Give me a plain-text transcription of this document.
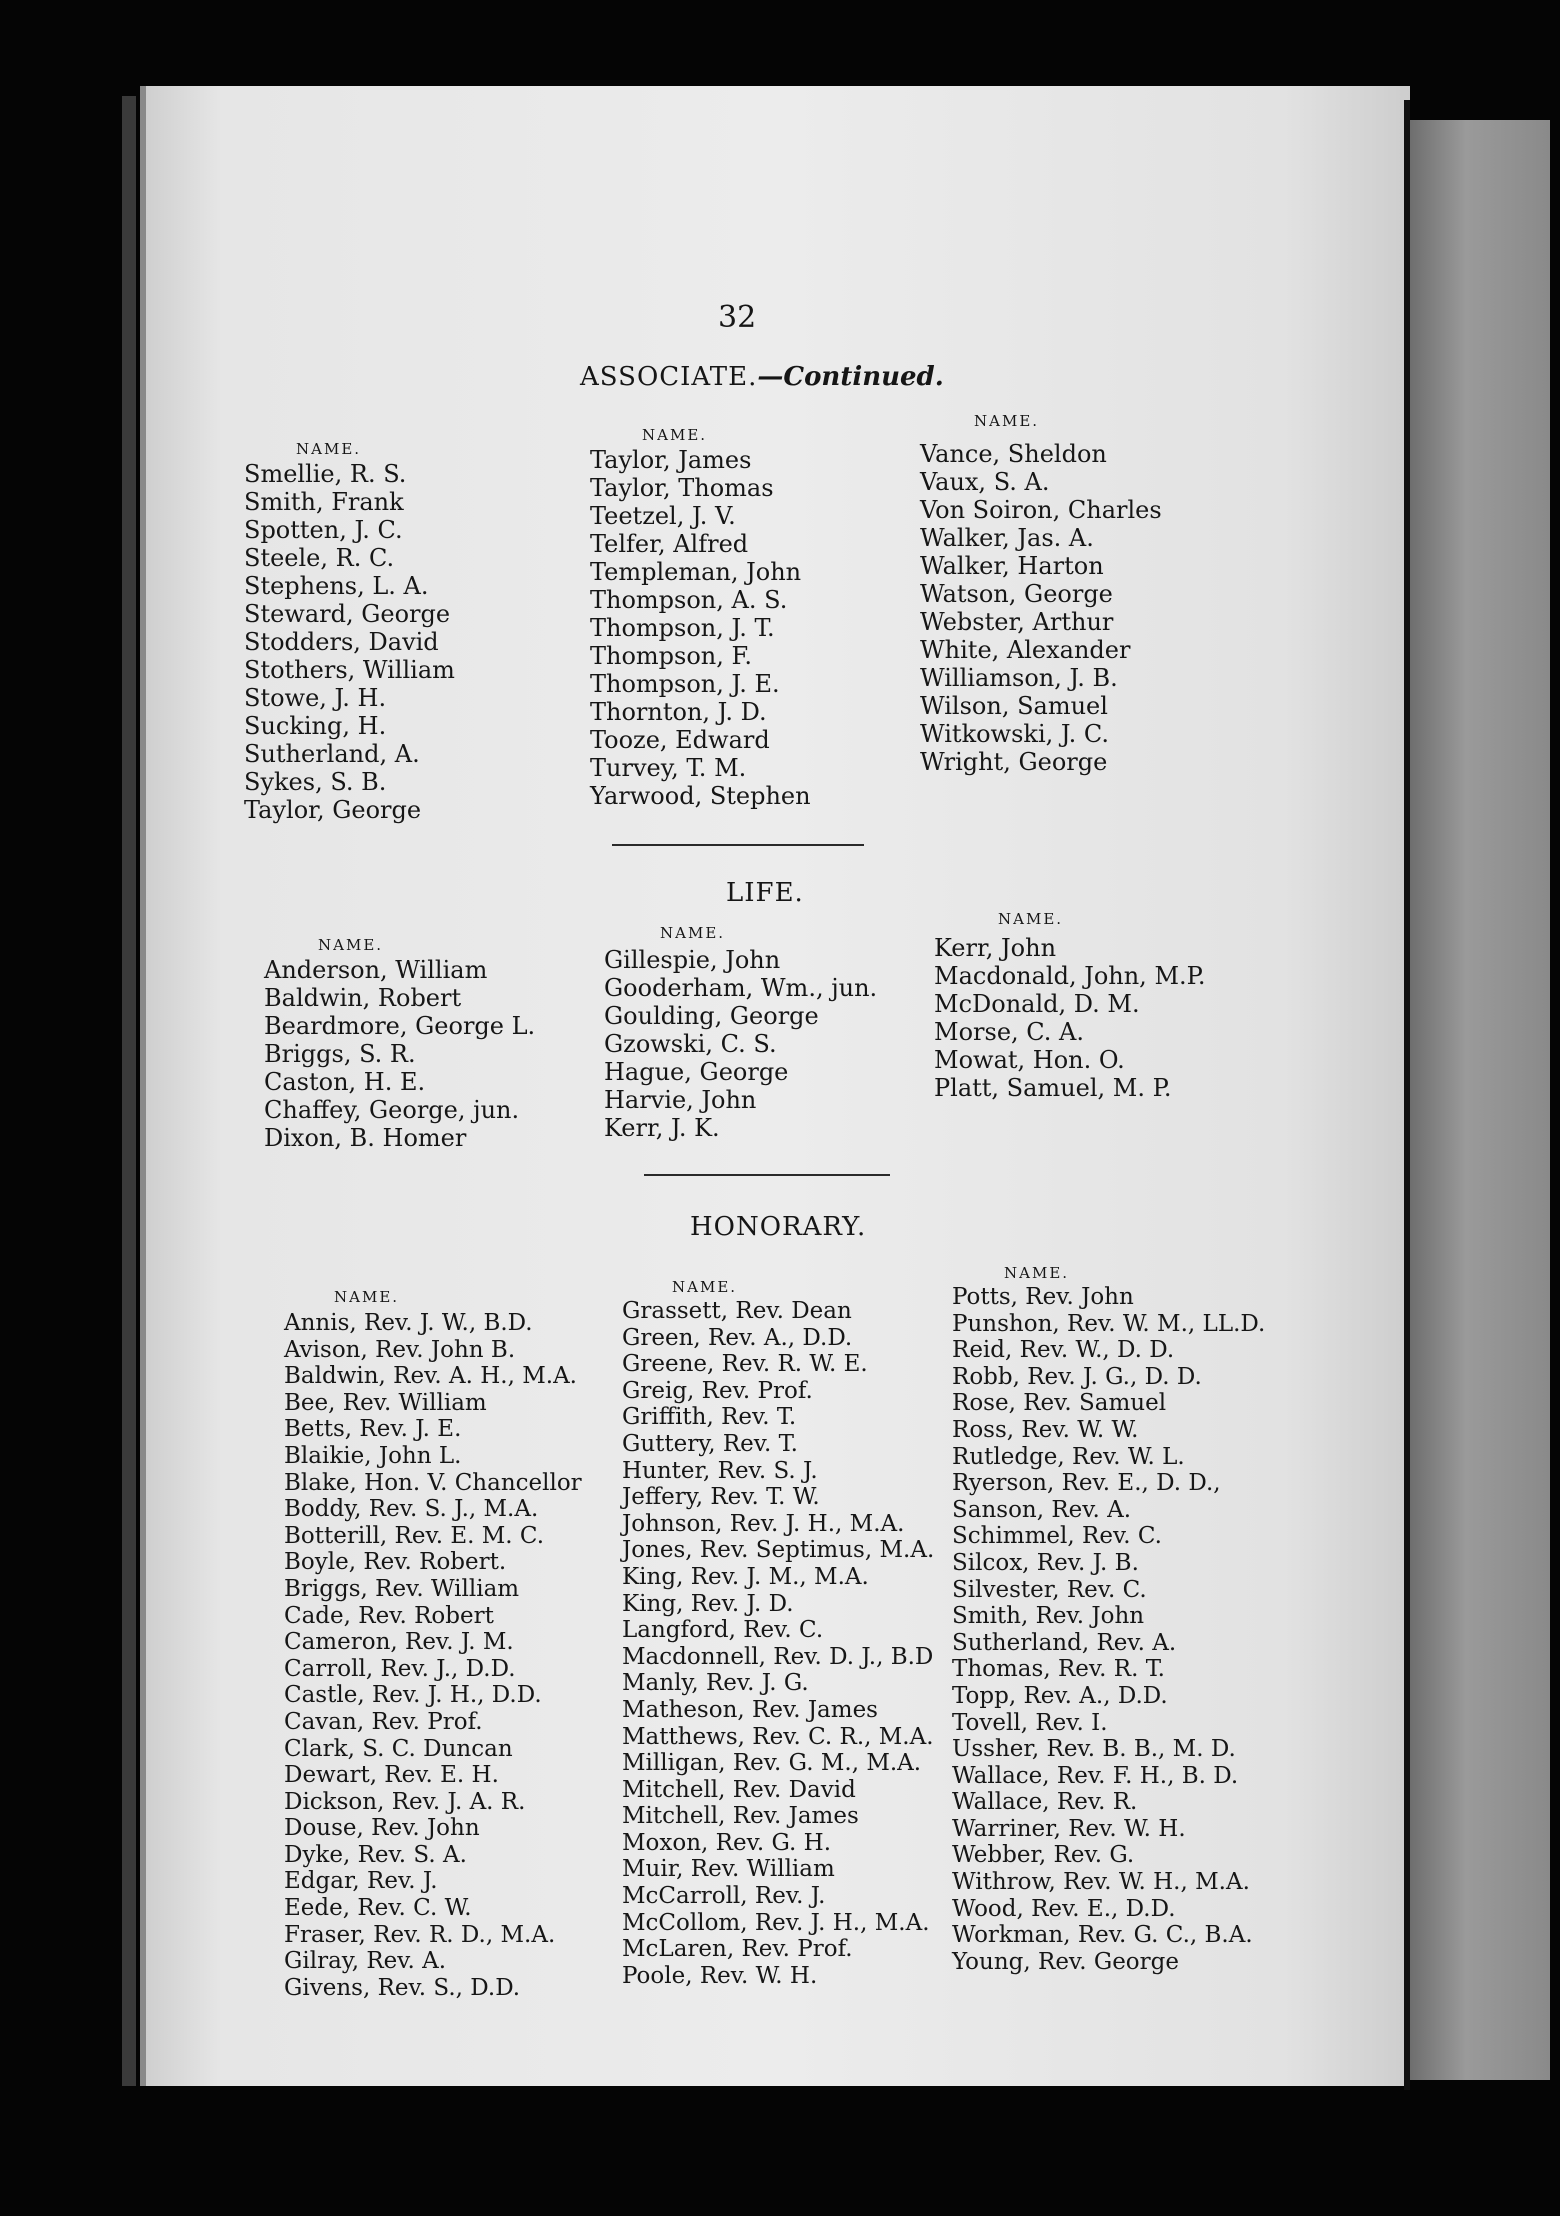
32
ASSOCIATE.—Continued.
NAME.
NAME.
NAME.
Smellie, R. S.
Smith, Frank
Spotten, J. C.
Steele, R. C.
Stephens, L. A.
Steward, George
Stodders, David
Stothers, William
Stowe, J. H.
Sucking, H.
Sutherland, A.
Sykes, S. B.
Taylor, George
Taylor, James
Taylor, Thomas
Teetzel, J. V.
Telfer, Alfred
Templeman, John
Thompson, A. S.
Thompson, J. T.
Thompson, F.
Thompson, J. E.
Thornton, J. D.
Tooze, Edward
Turvey, T. M.
Yarwood, Stephen
Vance, Sheldon
Vaux, S. A.
Von Soiron, Charles
Walker, Jas. A.
Walker, Harton
Watson, George
Webster, Arthur
White, Alexander
Williamson, J. B.
Wilson, Samuel
Witkowski, J. C.
Wright, George
LIFE.
NAME.
NAME.
NAME.
Anderson, William
Baldwin, Robert
Beardmore, George L.
Briggs, S. R.
Caston, H. E.
Chaffey, George, jun.
Dixon, B. Homer
Gillespie, John
Gooderham, Wm., jun.
Goulding, George
Gzowski, C. S.
Hague, George
Harvie, John
Kerr, J. K.
Kerr, John
Macdonald, John, M.P.
McDonald, D. M.
Morse, C. A.
Mowat, Hon. O.
Platt, Samuel, M. P.
HONORARY.
NAME.
NAME.
NAME.
Annis, Rev. J. W., B.D.
Avison, Rev. John B.
Baldwin, Rev. A. H., M.A.
Bee, Rev. William
Betts, Rev. J. E.
Blaikie, John L.
Blake, Hon. V. Chancellor
Boddy, Rev. S. J., M.A.
Botterill, Rev. E. M. C.
Boyle, Rev. Robert.
Briggs, Rev. William
Cade, Rev. Robert
Cameron, Rev. J. M.
Carroll, Rev. J., D.D.
Castle, Rev. J. H., D.D.
Cavan, Rev. Prof.
Clark, S. C. Duncan
Dewart, Rev. E. H.
Dickson, Rev. J. A. R.
Douse, Rev. John
Dyke, Rev. S. A.
Edgar, Rev. J.
Eede, Rev. C. W.
Fraser, Rev. R. D., M.A.
Gilray, Rev. A.
Givens, Rev. S., D.D.
Grassett, Rev. Dean
Green, Rev. A., D.D.
Greene, Rev. R. W. E.
Greig, Rev. Prof.
Griffith, Rev. T.
Guttery, Rev. T.
Hunter, Rev. S. J.
Jeffery, Rev. T. W.
Johnson, Rev. J. H., M.A.
Jones, Rev. Septimus, M.A.
King, Rev. J. M., M.A.
King, Rev. J. D.
Langford, Rev. C.
Macdonnell, Rev. D. J., B.D
Manly, Rev. J. G.
Matheson, Rev. James
Matthews, Rev. C. R., M.A.
Milligan, Rev. G. M., M.A.
Mitchell, Rev. David
Mitchell, Rev. James
Moxon, Rev. G. H.
Muir, Rev. William
McCarroll, Rev. J.
McCollom, Rev. J. H., M.A.
McLaren, Rev. Prof.
Poole, Rev. W. H.
Potts, Rev. John
Punshon, Rev. W. M., LL.D.
Reid, Rev. W., D. D.
Robb, Rev. J. G., D. D.
Rose, Rev. Samuel
Ross, Rev. W. W.
Rutledge, Rev. W. L.
Ryerson, Rev. E., D. D.,
Sanson, Rev. A.
Schimmel, Rev. C.
Silcox, Rev. J. B.
Silvester, Rev. C.
Smith, Rev. John
Sutherland, Rev. A.
Thomas, Rev. R. T.
Topp, Rev. A., D.D.
Tovell, Rev. I.
Ussher, Rev. B. B., M. D.
Wallace, Rev. F. H., B. D.
Wallace, Rev. R.
Warriner, Rev. W. H.
Webber, Rev. G.
Withrow, Rev. W. H., M.A.
Wood, Rev. E., D.D.
Workman, Rev. G. C., B.A.
Young, Rev. George
